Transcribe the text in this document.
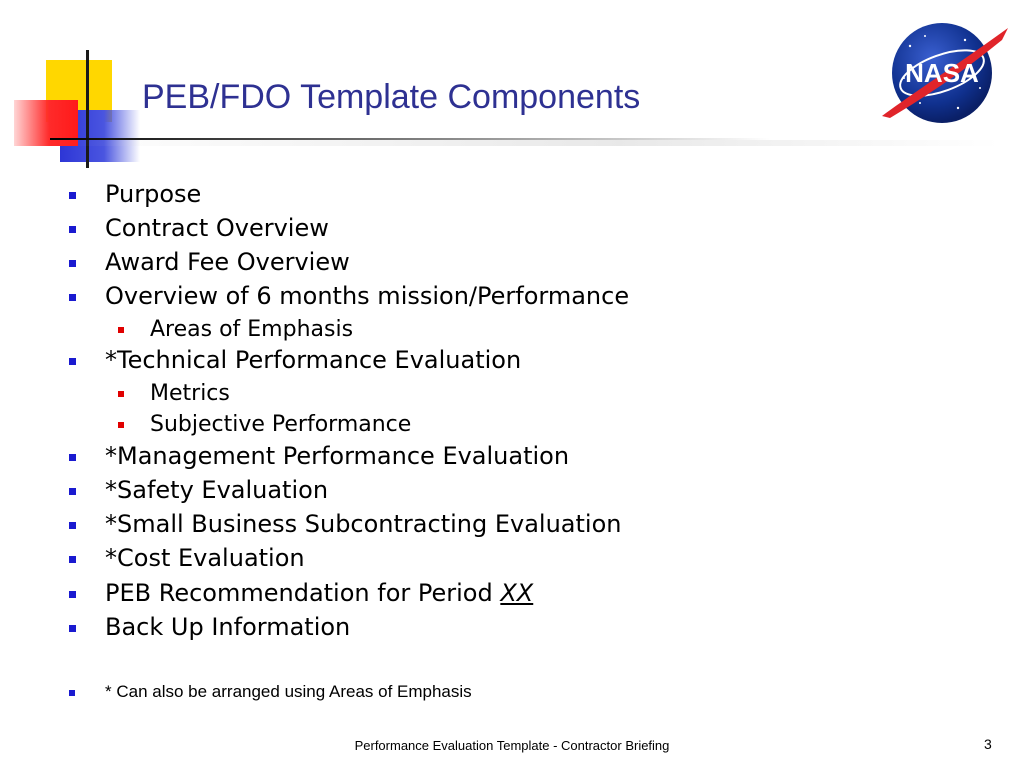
PEB/FDO Template Components
NASA
Purpose
Contract Overview
Award Fee Overview
Overview of 6 months mission/Performance
Areas of Emphasis
*Technical Performance Evaluation
Metrics
Subjective Performance
*Management Performance Evaluation
*Safety Evaluation
*Small Business Subcontracting Evaluation
*Cost Evaluation
PEB Recommendation for Period XX
Back Up Information
* Can also be arranged using Areas of Emphasis
Performance Evaluation Template - Contractor Briefing	3
